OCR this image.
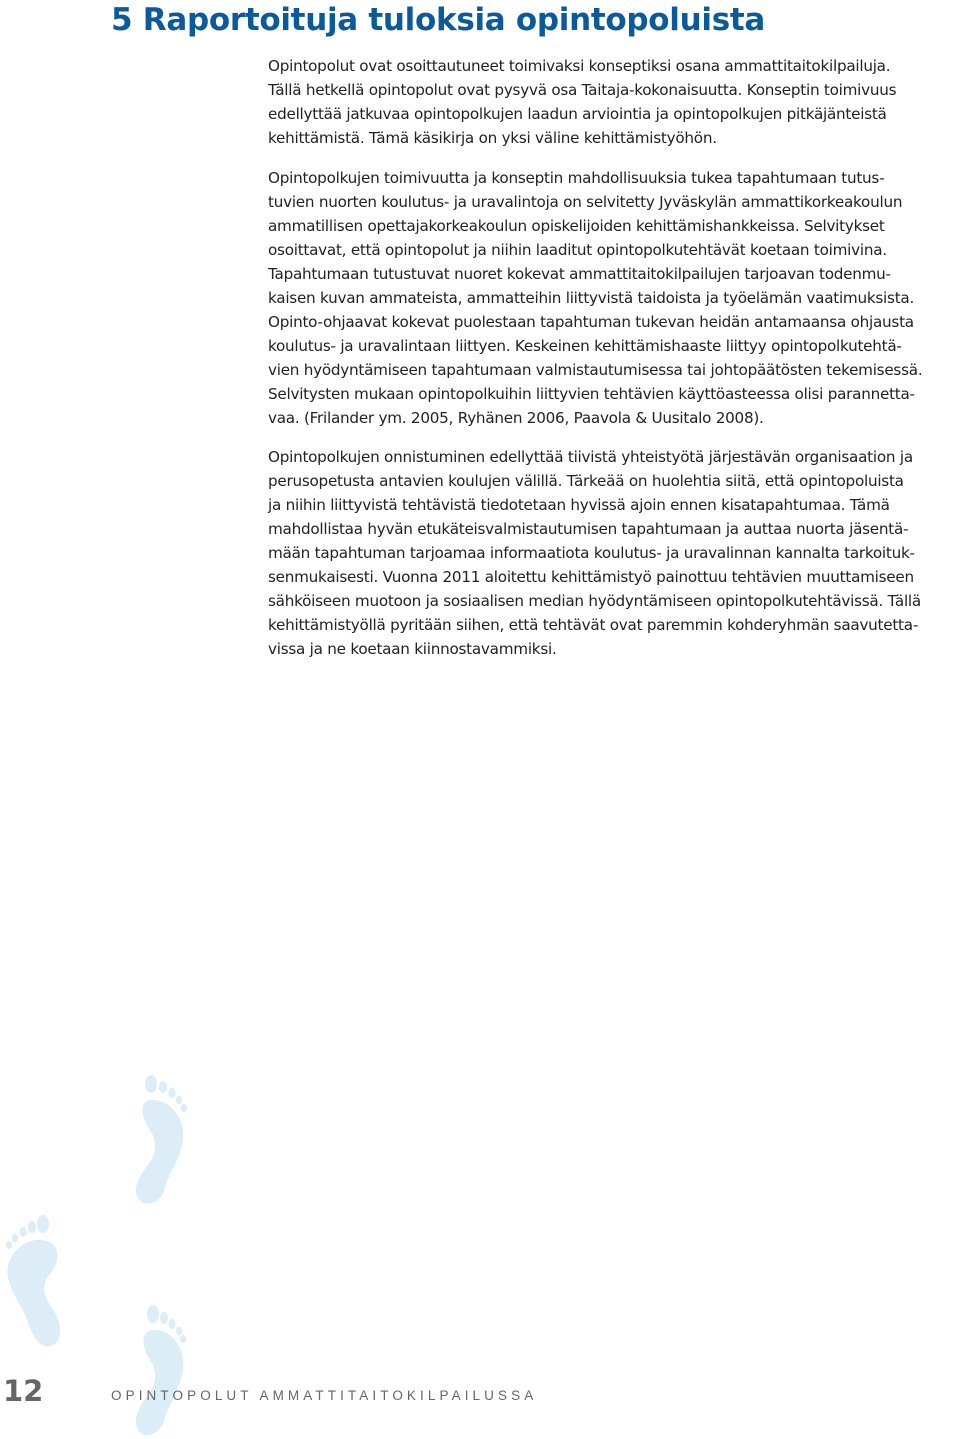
5 Raportoituja tuloksia opintopoluista
Opintopolut ovat osoittautuneet toimivaksi konseptiksi osana ammattitaitokilpailuja.
Tällä hetkellä opintopolut ovat pysyvä osa Taitaja-kokonaisuutta. Konseptin toimivuus
edellyttää jatkuvaa opintopolkujen laadun arviointia ja opintopolkujen pitkäjänteistä
kehittämistä. Tämä käsikirja on yksi väline kehittämistyöhön.
Opintopolkujen toimivuutta ja konseptin mahdollisuuksia tukea tapahtumaan tutus-
tuvien nuorten koulutus- ja uravalintoja on selvitetty Jyväskylän ammattikorkeakoulun
ammatillisen opettajakorkeakoulun opiskelijoiden kehittämishankkeissa. Selvitykset
osoittavat, että opintopolut ja niihin laaditut opintopolkutehtävät koetaan toimivina.
Tapahtumaan tutustuvat nuoret kokevat ammattitaitokilpailujen tarjoavan todenmu-
kaisen kuvan ammateista, ammatteihin liittyvistä taidoista ja työelämän vaatimuksista.
Opinto-ohjaavat kokevat puolestaan tapahtuman tukevan heidän antamaansa ohjausta
koulutus- ja uravalintaan liittyen. Keskeinen kehittämishaaste liittyy opintopolkutehtä-
vien hyödyntämiseen tapahtumaan valmistautumisessa tai johtopäätösten tekemisessä.
Selvitysten mukaan opintopolkuihin liittyvien tehtävien käyttöasteessa olisi parannetta-
vaa. (Frilander ym. 2005, Ryhänen 2006, Paavola & Uusitalo 2008).
Opintopolkujen onnistuminen edellyttää tiivistä yhteistyötä järjestävän organisaation ja
perusopetusta antavien koulujen välillä. Tärkeää on huolehtia siitä, että opintopoluista
ja niihin liittyvistä tehtävistä tiedotetaan hyvissä ajoin ennen kisatapahtumaa. Tämä
mahdollistaa hyvän etukäteisvalmistautumisen tapahtumaan ja auttaa nuorta jäsentä-
mään tapahtuman tarjoamaa informaatiota koulutus- ja uravalinnan kannalta tarkoituk-
senmukaisesti. Vuonna 2011 aloitettu kehittämistyö painottuu tehtävien muuttamiseen
sähköiseen muotoon ja sosiaalisen median hyödyntämiseen opintopolkutehtävissä. Tällä
kehittämistyöllä pyritään siihen, että tehtävät ovat paremmin kohderyhmän saavutetta-
vissa ja ne koetaan kiinnostavammiksi.
12	OPINTOPOLUT AMMATTITAITOKILPAILUSSA
